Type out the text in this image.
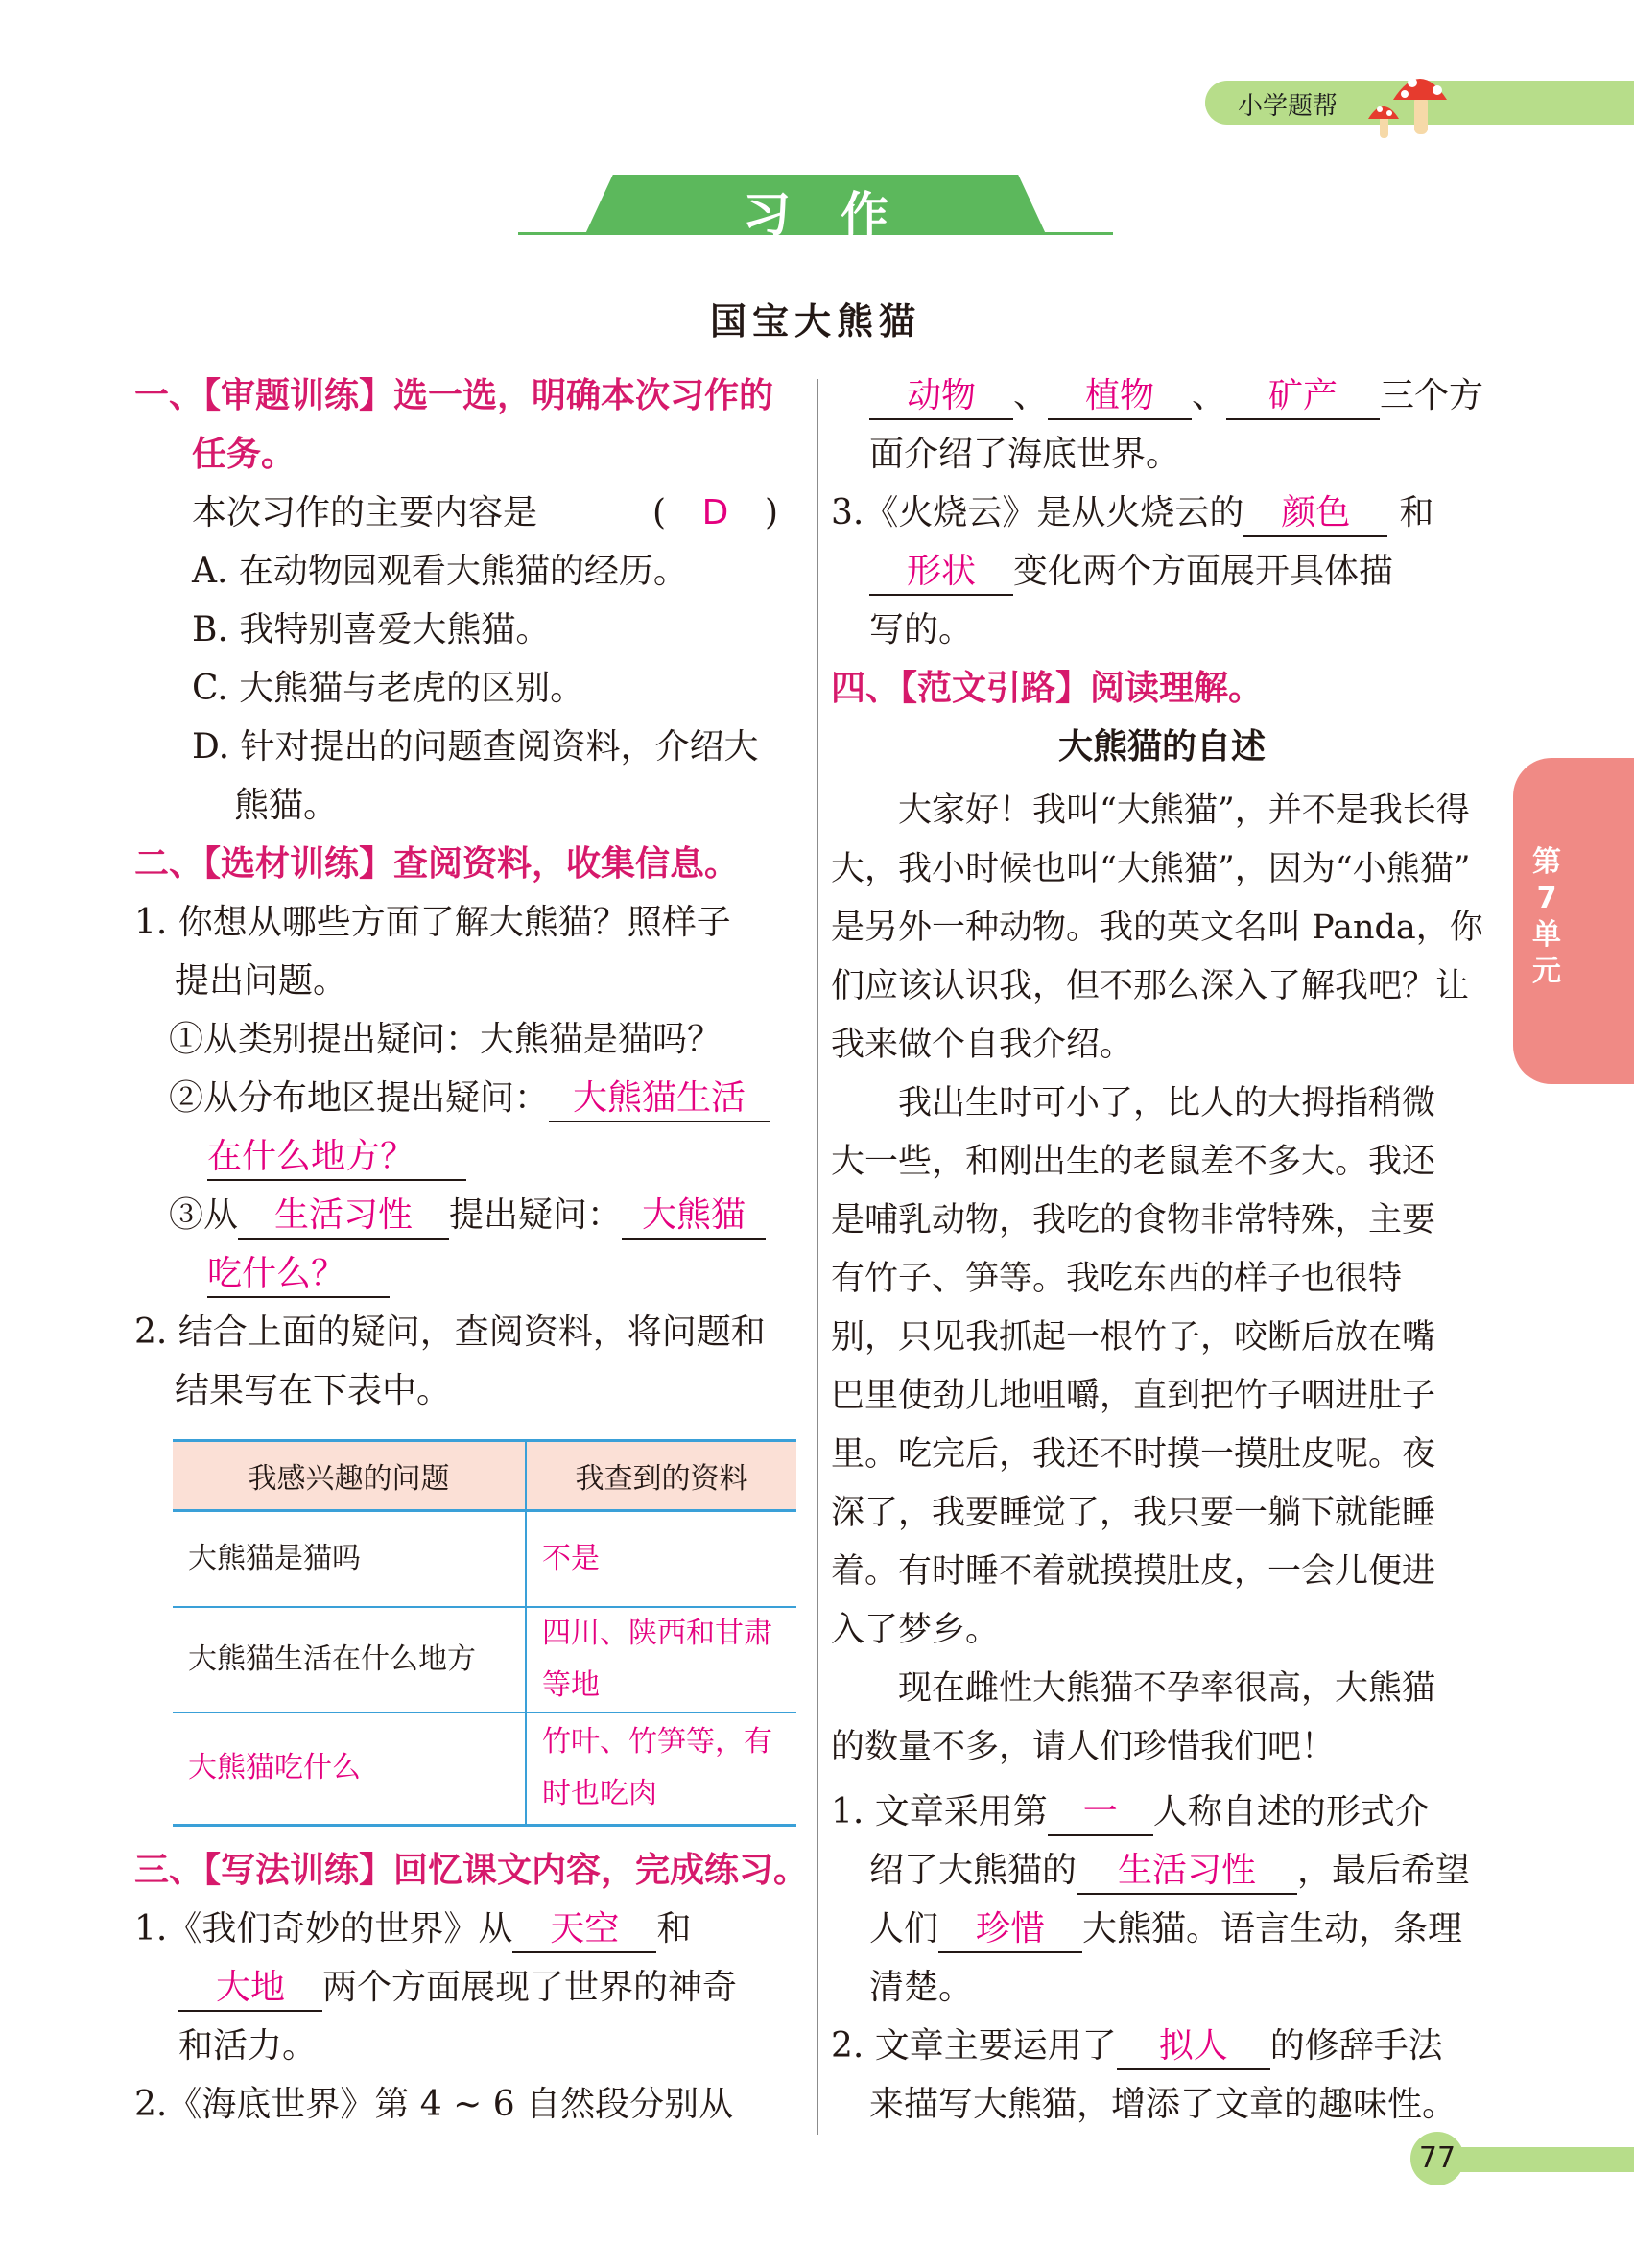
小学题帮
习作
国宝大熊猫
一、【审题训练】选一选，明确本次习作的
任务。
本次习作的主要内容是	( D )
A. 在动物园观看大熊猫的经历。
B. 我特别喜爱大熊猫。
C. 大熊猫与老虎的区别。
D. 针对提出的问题查阅资料，介绍大
熊猫。
二、【选材训练】查阅资料，收集信息。
1. 你想从哪些方面了解大熊猫？照样子
提出问题。
①从类别提出疑问：大熊猫是猫吗？
②从分布地区提出疑问： 大熊猫生活
在什么地方？
③从 生活习性 提出疑问： 大熊猫
吃什么？
2. 结合上面的疑问，查阅资料，将问题和
结果写在下表中。
我感兴趣的问题	我查到的资料
大熊猫是猫吗	不是
大熊猫生活在什么地方	四川、陕西和甘肃
等地

大熊猫吃什么	竹叶、竹笋等，有
时也吃肉
三、【写法训练】回忆课文内容，完成练习。
1.《我们奇妙的世界》从 天空 和
大地 两个方面展现了世界的神奇
和活力。
2.《海底世界》第 4 ~ 6 自然段分别从
动物 、 植物 、 矿产 三个方
面介绍了海底世界。
3.《火烧云》是从火烧云的 颜色 和
形状 变化两个方面展开具体描
写的。
四、【范文引路】阅读理解。
大熊猫的自述
大家好！我叫“大熊猫”，并不是我长得
大，我小时候也叫“大熊猫”，因为“小熊猫”
是另外一种动物。我的英文名叫 Panda，你
们应该认识我，但不那么深入了解我吧？让
我来做个自我介绍。
我出生时可小了，比人的大拇指稍微
大一些，和刚出生的老鼠差不多大。我还
是哺乳动物，我吃的食物非常特殊，主要
有竹子、笋等。我吃东西的样子也很特
别，只见我抓起一根竹子，咬断后放在嘴
巴里使劲儿地咀嚼，直到把竹子咽进肚子
里。吃完后，我还不时摸一摸肚皮呢。夜
深了，我要睡觉了，我只要一躺下就能睡
着。有时睡不着就摸摸肚皮，一会儿便进
入了梦乡。
现在雌性大熊猫不孕率很高，大熊猫
的数量不多，请人们珍惜我们吧！
1. 文章采用第 一 人称自述的形式介
绍了大熊猫的 生活习性 ，最后希望
人们 珍惜 大熊猫。语言生动，条理
清楚。
2. 文章主要运用了 拟人 的修辞手法
来描写大熊猫，增添了文章的趣味性。
第7单元
77
